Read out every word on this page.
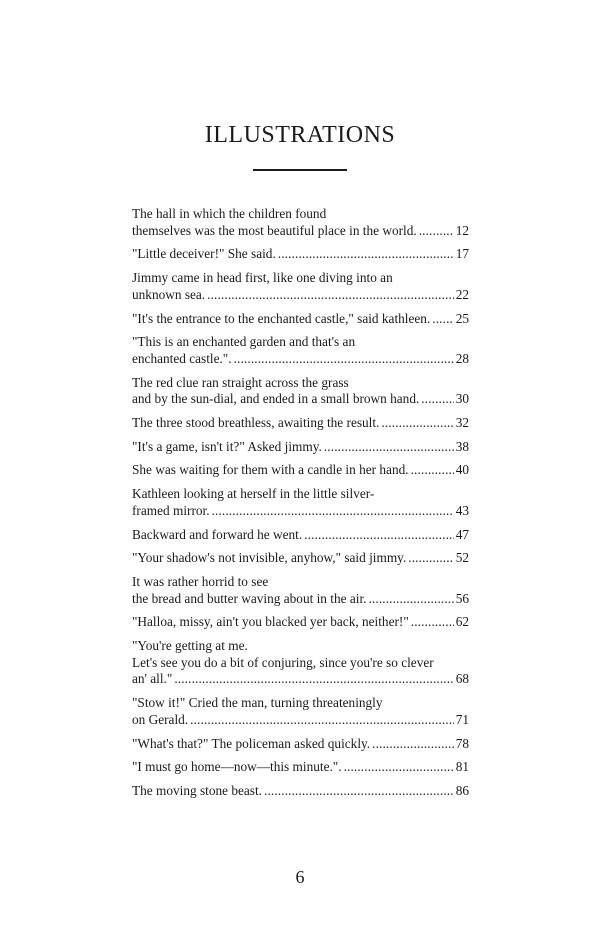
ILLUSTRATIONS
The hall in which the children found
themselves was the most beautiful place in the world. . . .	12
"Little deceiver!" She said. . . .	17
Jimmy came in head first, like one diving into an
unknown sea. . . .	22
"It's the entrance to the enchanted castle," said kathleen. . . . 25
"This is an enchanted garden and that's an
enchanted castle.". . . .	28
The red clue ran straight across the grass
and by the sun-dial, and ended in a small brown hand. . . .	30
The three stood breathless, awaiting the result. . . .	32
"It's a game, isn't it?" Asked jimmy. . . .	38
She was waiting for them with a candle in her hand. . . .	40
Kathleen looking at herself in the little silver-
framed mirror. . . .	43
Backward and forward he went. . . .	47
"Your shadow's not invisible, anyhow," said jimmy. . . .	52
It was rather horrid to see
the bread and butter waving about in the air. . . .	56
"Halloa, missy, ain't you blacked yer back, neither!" . . .	62
"You're getting at me.
Let's see you do a bit of conjuring, since you're so clever
an' all." . . .	68
"Stow it!" Cried the man, turning threateningly
on Gerald. . . .	71
"What's that?" The policeman asked quickly. . . .	78
"I must go home—now—this minute.". . . .	81
The moving stone beast. . . .	86
6
